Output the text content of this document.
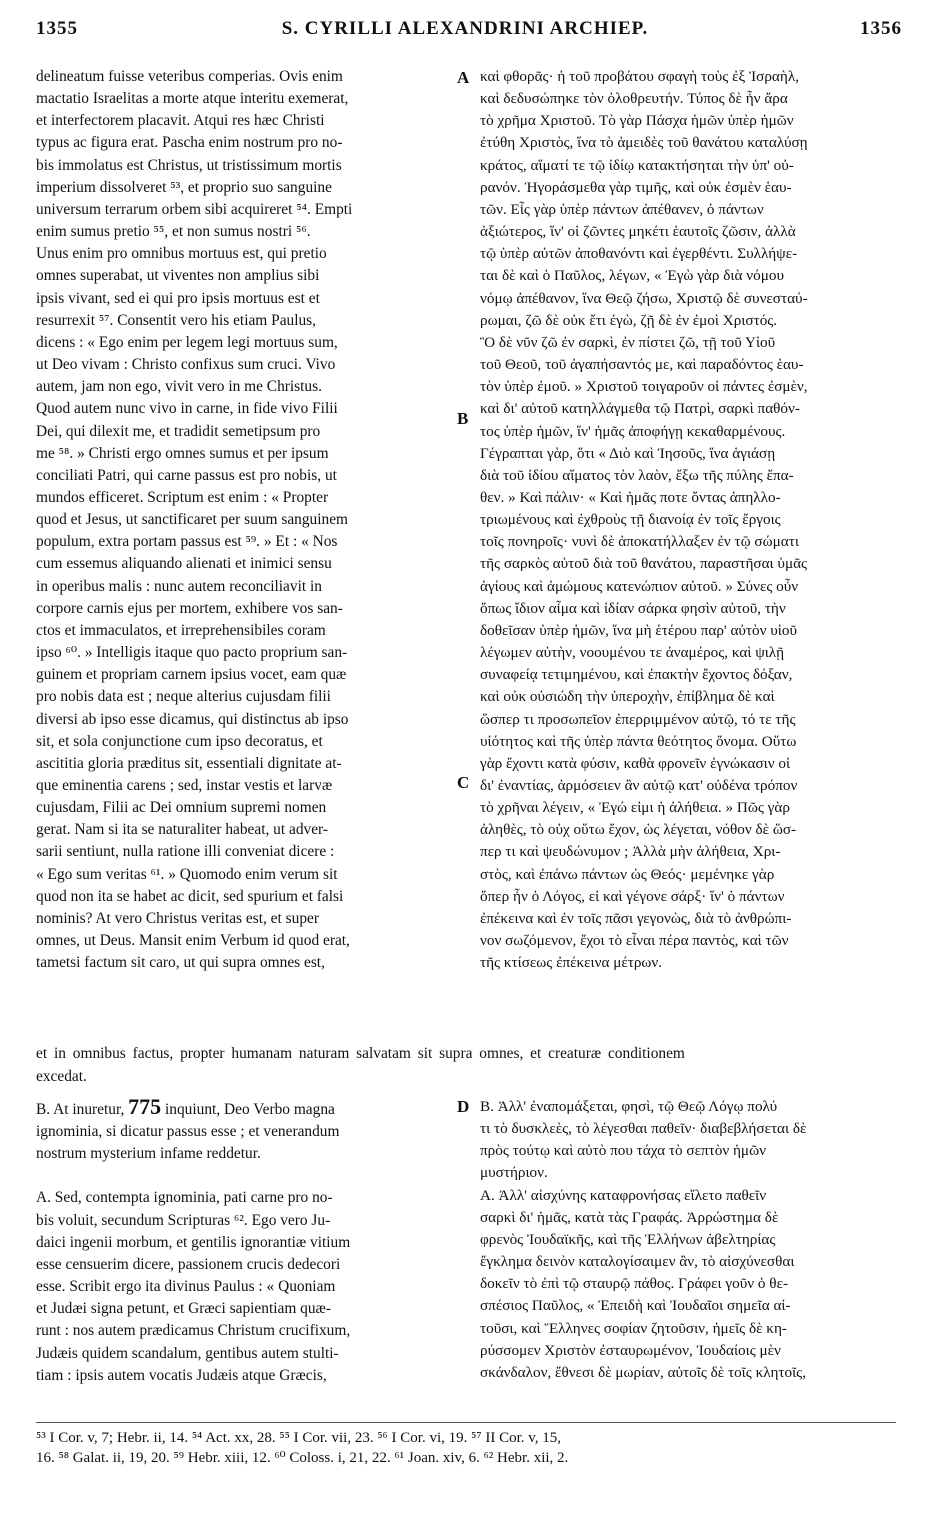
1355	S. CYRILLI ALEXANDRINI ARCHIEP.	1356
delineatum fuisse veteribus comperias. Ovis enim
mactatio Israelitas a morte atque interitu exemerat,
et interfectorem placavit. Atqui res hæc Christi
typus ac figura erat. Pascha enim nostrum pro no-
bis immolatus est Christus, ut tristissimum mortis
imperium dissolveret ⁵³, et proprio suo sanguine
universum terrarum orbem sibi acquireret ⁵⁴. Empti
enim sumus pretio ⁵⁵, et non sumus nostri ⁵⁶.
Unus enim pro omnibus mortuus est, qui pretio
omnes superabat, ut viventes non amplius sibi
ipsis vivant, sed ei qui pro ipsis mortuus est et
resurrexit ⁵⁷. Consentit vero his etiam Paulus,
dicens : « Ego enim per legem legi mortuus sum,
ut Deo vivam : Christo confixus sum cruci. Vivo
autem, jam non ego, vivit vero in me Christus.
Quod autem nunc vivo in carne, in fide vivo Filii
Dei, qui dilexit me, et tradidit semetipsum pro
me ⁵⁸. » Christi ergo omnes sumus et per ipsum
conciliati Patri, qui carne passus est pro nobis, ut
mundos efficeret. Scriptum est enim : « Propter
quod et Jesus, ut sanctificaret per suum sanguinem
populum, extra portam passus est ⁵⁹. » Et : « Nos
cum essemus aliquando alienati et inimici sensu
in operibus malis : nunc autem reconciliavit in
corpore carnis ejus per mortem, exhibere vos san-
ctos et immaculatos, et irreprehensibiles coram
ipso ⁶⁰. » Intelligis itaque quo pacto proprium san-
guinem et propriam carnem ipsius vocet, eam quæ
pro nobis data est ; neque alterius cujusdam filii
diversi ab ipso esse dicamus, qui distinctus ab ipso
sit, et sola conjunctione cum ipso decoratus, et
ascititia gloria præditus sit, essentiali dignitate at-
que eminentia carens ; sed, instar vestis et larvæ
cujusdam, Filii ac Dei omnium supremi nomen
gerat. Nam si ita se naturaliter habeat, ut adver-
sarii sentiunt, nulla ratione illi conveniat dicere :
« Ego sum veritas ⁶¹. » Quomodo enim verum sit
quod non ita se habet ac dicit, sed spurium et falsi
nominis? At vero Christus veritas est, et super
omnes, ut Deus. Mansit enim Verbum id quod erat,
tametsi factum sit caro, ut qui supra omnes est,
καὶ φθορᾶς· ἡ τοῦ προβάτου σφαγὴ τοὺς ἐξ Ἰσραὴλ,
καὶ δεδυσώπηκε τὸν ὀλοθρευτήν. Τύπος δὲ ἦν ἄρα
τὸ χρῆμα Χριστοῦ. Τὸ γὰρ Πάσχα ἡμῶν ὑπὲρ ἡμῶν
ἐτύθη Χριστὸς, ἵνα τὸ ἀμειδὲς τοῦ θανάτου καταλύσῃ
κράτος, αἵματί τε τῷ ἰδίῳ κατακτήσηται τὴν ὑπ' οὐ-
ρανόν. Ἠγοράσμεθα γὰρ τιμῆς, καὶ οὐκ ἐσμὲν ἑαυ-
τῶν. Εἷς γὰρ ὑπὲρ πάντων ἀπέθανεν, ὁ πάντων
ἀξιώτερος, ἵν' οἱ ζῶντες μηκέτι ἑαυτοῖς ζῶσιν, ἀλλὰ
τῷ ὑπὲρ αὐτῶν ἀποθανόντι καὶ ἐγερθέντι. Συλλήψε-
ται δὲ καὶ ὁ Παῦλος, λέγων, « Ἐγὼ γὰρ διὰ νόμου
νόμῳ ἀπέθανον, ἵνα Θεῷ ζήσω, Χριστῷ δὲ συνεσταύ-
ρωμαι, ζῶ δὲ οὐκ ἔτι ἐγὼ, ζῇ δὲ ἐν ἐμοὶ Χριστός.
Ὃ δὲ νῦν ζῶ ἐν σαρκὶ, ἐν πίστει ζῶ, τῇ τοῦ Υἱοῦ
τοῦ Θεοῦ, τοῦ ἀγαπήσαντός με, καὶ παραδόντος ἑαυ-
τὸν ὑπὲρ ἐμοῦ. » Χριστοῦ τοιγαροῦν οἱ πάντες ἐσμὲν,
καὶ δι' αὐτοῦ κατηλλάγμεθα τῷ Πατρὶ, σαρκὶ παθόν-
τος ὑπὲρ ἡμῶν, ἵν' ἡμᾶς ἀποφήγῃ κεκαθαρμένους.
Γέγραπται γὰρ, ὅτι « Διὸ καὶ Ἰησοῦς, ἵνα ἁγιάσῃ
διὰ τοῦ ἰδίου αἵματος τὸν λαὸν, ἔξω τῆς πύλης ἔπα-
θεν. » Καὶ πάλιν· « Καὶ ἡμᾶς ποτε ὄντας ἀπηλλο-
τριωμένους καὶ ἐχθροὺς τῇ διανοίᾳ ἐν τοῖς ἔργοις
τοῖς πονηροῖς· νυνὶ δὲ ἀποκατήλλαξεν ἐν τῷ σώματι
τῆς σαρκὸς αὐτοῦ διὰ τοῦ θανάτου, παραστῆσαι ὑμᾶς
ἁγίους καὶ ἀμώμους κατενώπιον αὐτοῦ. » Σύνες οὖν
ὅπως ἴδιον αἷμα καὶ ἰδίαν σάρκα φησὶν αὐτοῦ, τὴν
δοθεῖσαν ὑπὲρ ἡμῶν, ἵνα μὴ ἑτέρου παρ' αὐτὸν υἱοῦ
λέγωμεν αὐτὴν, νοουμένου τε ἀναμέρος, καὶ ψιλῇ
συναφείᾳ τετιμημένου, καὶ ἐπακτὴν ἔχοντος δόξαν,
καὶ οὐκ οὐσιώδη τὴν ὑπεροχὴν, ἐπίβλημα δὲ καὶ
ὥσπερ τι προσωπεῖον ἐπερριμμένον αὐτῷ, τό τε τῆς
υἱότητος καὶ τῆς ὑπὲρ πάντα θεότητος ὄνομα. Οὕτω
γὰρ ἔχοντι κατὰ φύσιν, καθὰ φρονεῖν ἐγνώκασιν οἱ
δι' ἐναντίας, ἁρμόσειεν ἂν αὐτῷ κατ' οὐδένα τρόπον
τὸ χρῆναι λέγειν, « Ἐγώ εἰμι ἡ ἀλήθεια. » Πῶς γὰρ
ἀληθὲς, τὸ οὐχ οὕτω ἔχον, ὡς λέγεται, νόθον δὲ ὥσ-
περ τι καὶ ψευδώνυμον ; Ἀλλὰ μὴν ἀλήθεια, Χρι-
στὸς, καὶ ἐπάνω πάντων ὡς Θεός· μεμένηκε γὰρ
ὅπερ ἦν ὁ Λόγος, εἰ καὶ γέγονε σάρξ· ἵν' ὁ πάντων
ἐπέκεινα καὶ ἐν τοῖς πᾶσι γεγονὼς, διὰ τὸ ἀνθρώπι-
νον σωζόμενον, ἔχοι τὸ εἶναι πέρα παντὸς, καὶ τῶν
τῆς κτίσεως ἐπέκεινα μέτρων.
A
B
C
D
et in omnibus factus, propter humanam naturam salvatam sit supra omnes, et creaturæ conditionem
excedat.
B. At inuretur, 775 inquiunt, Deo Verbo magna
ignominia, si dicatur passus esse ; et venerandum
nostrum mysterium infame reddetur.
A. Sed, contempta ignominia, pati carne pro no-
bis voluit, secundum Scripturas ⁶². Ego vero Ju-
daici ingenii morbum, et gentilis ignorantiæ vitium
esse censuerim dicere, passionem crucis dedecori
esse. Scribit ergo ita divinus Paulus : « Quoniam
et Judæi signa petunt, et Græci sapientiam quæ-
runt : nos autem prædicamus Christum crucifixum,
Judæis quidem scandalum, gentibus autem stulti-
tiam : ipsis autem vocatis Judæis atque Græcis,
B. Ἀλλ' ἐναπομάξεται, φησὶ, τῷ Θεῷ Λόγῳ πολύ
τι τὸ δυσκλεὲς, τὸ λέγεσθαι παθεῖν· διαβεβλήσεται δὲ
πρὸς τούτῳ καὶ αὐτὸ που τάχα τὸ σεπτὸν ἡμῶν
μυστήριον.
A. Ἀλλ' αἰσχύνης καταφρονήσας εἵλετο παθεῖν
σαρκὶ δι' ἡμᾶς, κατὰ τὰς Γραφάς. Ἀρρώστημα δὲ
φρενὸς Ἰουδαϊκῆς, καὶ τῆς Ἑλλήνων ἀβελτηρίας
ἔγκλημα δεινὸν καταλογίσαιμεν ἂν, τὸ αἰσχύνεσθαι
δοκεῖν τὸ ἐπὶ τῷ σταυρῷ πάθος. Γράφει γοῦν ὁ θε-
σπέσιος Παῦλος, « Ἐπειδὴ καὶ Ἰουδαῖοι σημεῖα αἰ-
τοῦσι, καὶ Ἕλληνες σοφίαν ζητοῦσιν, ἡμεῖς δὲ κη-
ρύσσομεν Χριστὸν ἐσταυρωμένον, Ἰουδαίοις μὲν
σκάνδαλον, ἔθνεσι δὲ μωρίαν, αὐτοῖς δὲ τοῖς κλητοῖς,
⁵³ I Cor. v, 7; Hebr. ii, 14. ⁵⁴ Act. xx, 28. ⁵⁵ I Cor. vii, 23. ⁵⁶ I Cor. vi, 19. ⁵⁷ II Cor. v, 15,
16. ⁵⁸ Galat. ii, 19, 20. ⁵⁹ Hebr. xiii, 12. ⁶⁰ Coloss. i, 21, 22. ⁶¹ Joan. xiv, 6. ⁶² Hebr. xii, 2.
